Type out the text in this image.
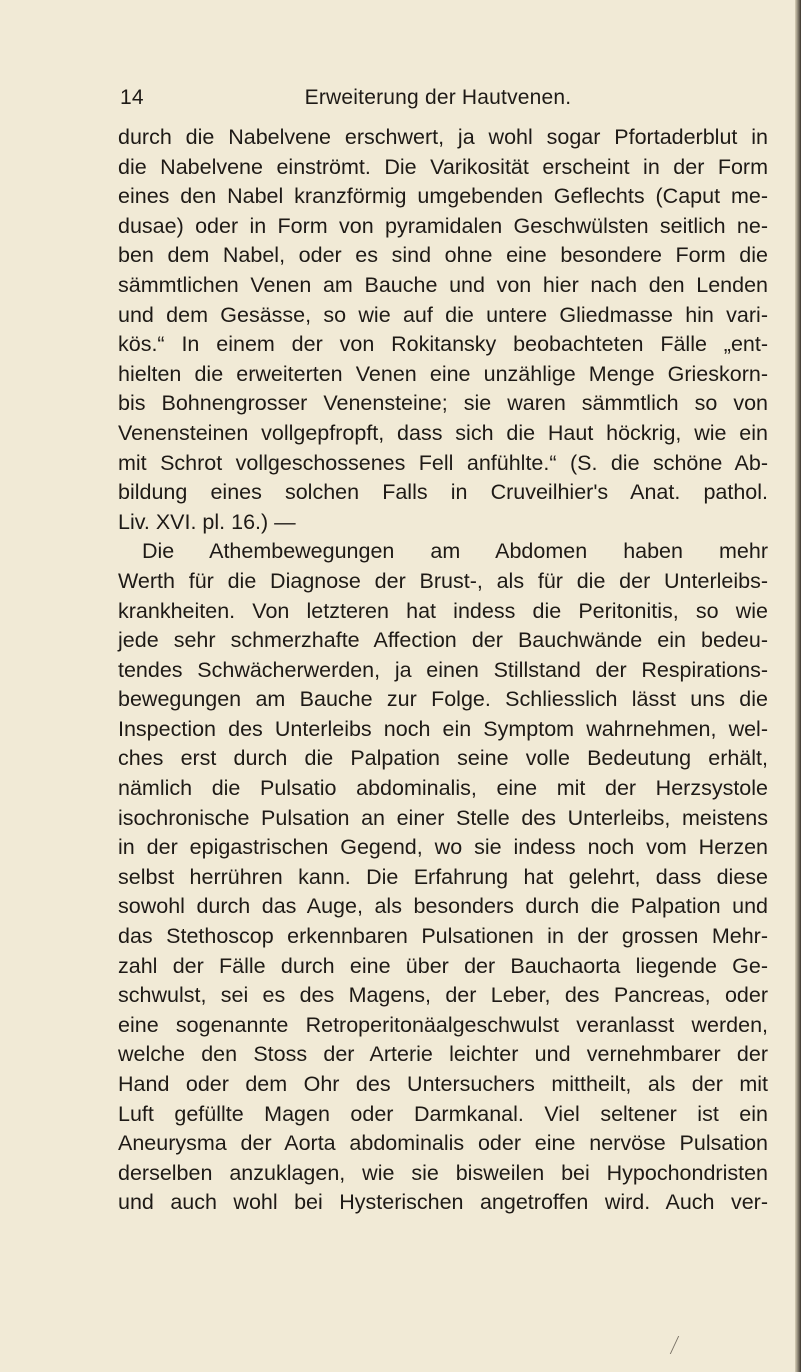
14	Erweiterung der Hautvenen.
durch die Nabelvene erschwert, ja wohl sogar Pfortaderblut in
die Nabelvene einströmt. Die Varikosität erscheint in der Form
eines den Nabel kranzförmig umgebenden Geflechts (Caput me-
dusae) oder in Form von pyramidalen Geschwülsten seitlich ne-
ben dem Nabel, oder es sind ohne eine besondere Form die
sämmtlichen Venen am Bauche und von hier nach den Lenden
und dem Gesässe, so wie auf die untere Gliedmasse hin vari-
kös.“ In einem der von Rokitansky beobachteten Fälle „ent-
hielten die erweiterten Venen eine unzählige Menge Grieskorn-
bis Bohnengrosser Venensteine; sie waren sämmtlich so von
Venensteinen vollgepfropft, dass sich die Haut höckrig, wie ein
mit Schrot vollgeschossenes Fell anfühlte.“ (S. die schöne Ab-
bildung eines solchen Falls in Cruveilhier's Anat. pathol.
Liv. XVI. pl. 16.) —
Die Athembewegungen am Abdomen haben mehr
Werth für die Diagnose der Brust-, als für die der Unterleibs-
krankheiten. Von letzteren hat indess die Peritonitis, so wie
jede sehr schmerzhafte Affection der Bauchwände ein bedeu-
tendes Schwächerwerden, ja einen Stillstand der Respirations-
bewegungen am Bauche zur Folge. Schliesslich lässt uns die
Inspection des Unterleibs noch ein Symptom wahrnehmen, wel-
ches erst durch die Palpation seine volle Bedeutung erhält,
nämlich die Pulsatio abdominalis, eine mit der Herzsystole
isochronische Pulsation an einer Stelle des Unterleibs, meistens
in der epigastrischen Gegend, wo sie indess noch vom Herzen
selbst herrühren kann. Die Erfahrung hat gelehrt, dass diese
sowohl durch das Auge, als besonders durch die Palpation und
das Stethoscop erkennbaren Pulsationen in der grossen Mehr-
zahl der Fälle durch eine über der Bauchaorta liegende Ge-
schwulst, sei es des Magens, der Leber, des Pancreas, oder
eine sogenannte Retroperitonäalgeschwulst veranlasst werden,
welche den Stoss der Arterie leichter und vernehmbarer der
Hand oder dem Ohr des Untersuchers mittheilt, als der mit
Luft gefüllte Magen oder Darmkanal. Viel seltener ist ein
Aneurysma der Aorta abdominalis oder eine nervöse Pulsation
derselben anzuklagen, wie sie bisweilen bei Hypochondristen
und auch wohl bei Hysterischen angetroffen wird. Auch ver-
